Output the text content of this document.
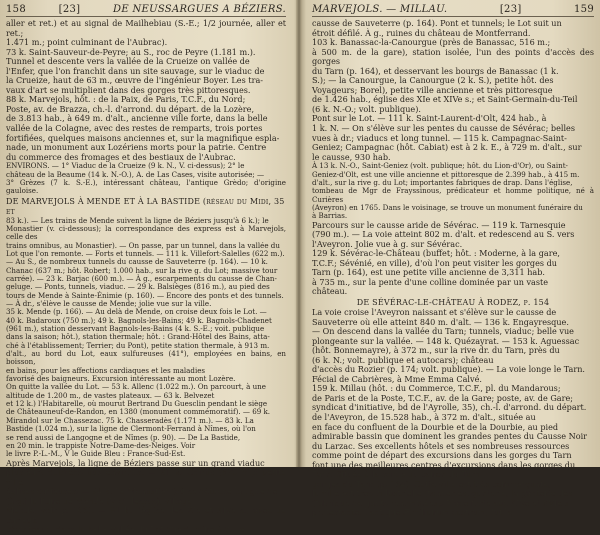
158	[23]	DE NEUSSARGUES A BÉZIERS.
aller et ret.) et au signal de Mailhebiau (S.-E.; 1/2 journée, aller et ret.;
1.471 m.; point culminant de l'Aubrac).
73 k. Saint-Sauveur-de-Peyre; au S., roc de Peyre (1.181 m.).
Tunnel et descente vers la vallée de la Crueize on vallée de
l'Enfer, que l'on franchit dans un site sauvage, sur le viaduc de
la Crueize, haut de 63 m., œuvre de l'ingénieur Boyer. Les tra-
vaux d'art se multiplient dans des gorges très pittoresques.
88 k. Marvejols, hôt. : de la Paix, de Paris, T.C.F., du Nord;
Poste, av. de Brazza, ch.-l. d'arrond. du départ. de la Lozère,
de 3.813 hab., à 649 m. d'alt., ancienne ville forte, dans la belle
vallée de la Colagne, avec des restes de remparts, trois portes
fortifiées, quelques maisons anciennes et, sur la magnifique espla-
nade, un monument aux Lozériens morts pour la patrie. Centre
du commerce des fromages et des bestiaux de l'Aubrac.
ENVIRONS. — 1° Viaduc de la Crueize (9 k. N., V. ci-dessus); 2° le
château de la Beaume (14 k. N.-O.), A. de Las Cases, visite autorisée; —
3° Grèzes (7 k. S.-E.), intéressant château, l'antique Grèdo; d'origine gauloise.
DE MARVEJOLS À MENDE ET À LA BASTIDE (réseau du Midi, 35 et
83 k.). — Les trains de Mende suivent la ligne de Béziers jusqu'à 6 k.); le
Monastier (v. ci-dessous); la correspondance des express est à Marvejols, celle des
trains omnibus, au Monastier). — On passe, par un tunnel, dans la vallée du
Lot que l'on remonte. — Forts et tunnels. — 111 k. Villefort-Salelles (622 m.).
— Au S., de nombreux tunnels du causse de Sauveterre (p. 164). — 10 k.
Chanac (637 m.; hôt. Robert; 1.000 hab., sur la rive g. du Lot; massive tour
carrée). — 23 k. Barjac (600 m.). — À g., escarpements du causse de Chan-
geluge. — Ponts, tunnels, viaduc. — 29 k. Balsièges (816 m.), au pied des
tours de Mende à Sainte-Énimie (p. 160). — Encore des ponts et des tunnels.
— À dr., s'élève le causse de Mende; jolie vue sur la ville.
35 k. Mende (p. 166). — Au delà de Mende, on croise deux fois le Lot. —
40 k. Badaroux (750 m.); 49 k. Bagnols-les-Bains; 49 k. Bagnols-Chadenet
(961 m.), station desservant Bagnols-les-Bains (4 k. S.-E.; voit. publique
dans la saison; hôt.), station thermale; hôt. : Grand-Hôtel des Bains, atta-
ché à l'établissement; Terrier; du Pont), petite station thermale, à 913 m.
d'alt., au bord du Lot, eaux sulfureuses (41°), employées en bains, en boisson,
en bains, pour les affections cardiaques et les maladies
favorisé des baigneurs. Excursion intéressante au mont Lozère.
On quitte la vallée du Lot. — 53 k. Allenc (1.022 m.). On parcourt, à une
altitude de 1.200 m., de vastes plateaux. — 63 k. Belvezet
et 12 k.) l'Habitarelle, où mourut Bertrand Du Guesclin pendant le siège
de Châteauneuf-de-Randon, en 1380 (monument commémoratif). — 69 k.
Mirandol sur le Chassezac. 75 k. Chasseradès (1.171 m.). — 83 k. La
Bastide (1.024 m.), sur la ligne de Clermont-Ferrand à Nîmes, où l'on
se rend aussi de Langogne et de Nîmes (p. 90). — De La Bastide,
en 20 min. le trappiste Notre-Dame-des-Neiges. Voir
le livre P.-L.-M., V le Guide Bleu : France-Sud-Est.
Après Marvejols, la ligne de Béziers passe sur un grand viaduc
plusieurs dolmens aux environs. — 91 k. Chirac (630 m.); petite ville
églises curieuses. — 94 k. Le Monastier (où se détache la ligne de
(à g.) la ligne de Mende (V. ci-dessus), village
Mende, voir p. 166). — 91 k. l'église des XIe et XIVe s., avec de curieux
chapiteaux, dans la belle vallée du Lot que domine à g., le
MARVEJOLS. — MILLAU.	[23]	159
causse de Sauveterre (p. 164). Pont et tunnels; le Lot suit un
étroit défilé. À g., ruines du château de Montferrand.
103 k. Banassac-la-Canourgue (près de Banassac, 516 m.;
à 500 m. de la gare), station isolée, l'un des points d'accès des gorges
du Tarn (p. 164), et desservant les bourgs de Banassac (1 k.
S.); — la Canourgue, la Canourgue (2 k. S.), petite hôt. des
Voyageurs; Borel), petite ville ancienne et très pittoresque
de 1.426 hab., église des XIe et XIVe s.; et Saint-Germain-du-Teil
(6 k. N.-O.; volt. publique).
Pont sur le Lot. — 111 k. Saint-Laurent-d'Olt, 424 hab., à
1 k. N. — On s'élève sur les pentes du causse de Sévérac; belles
vues à dr.; viaducs et long tunnel. — 115 k. Campagnac-Saint-
Geniez; Campagnac (hôt. Cabiat) est à 2 k. E., à 729 m. d'alt., sur
le causse, 930 hab.
À 13 k. N.-O., Saint-Geniez (volt. publique; hôt. du Lion-d'Or), ou Saint-
Geniez-d'Olt, est une ville ancienne et pittoresque de 2.399 hab., à 415 m.
d'alt., sur la rive g. du Lot; importantes fabriques de drap. Dans l'église,
tombeau de Mgr de Frayssinous, prédicateur et homme politique, né à Curières
(Aveyron) en 1765. Dans le voisinage, se trouve un monument funéraire du
à Barrias.
Parcours sur le causse aride de Sévérac. — 119 k. Tarnesquie
(790 m.). — La voie atteint 802 m. d'alt. et redescend au S. vers
l'Aveyron. Jolie vue à g. sur Sévérac.
129 k. Sévérac-le-Château (buffet; hôt. : Moderne, à la gare,
T.C.F.; Sévénié, en ville), d'où l'on peut visiter les gorges du
Tarn (p. 164), est une petite ville ancienne de 3,311 hab.
à 735 m., sur la pente d'une colline dominée par un vaste
château.
DE SÉVÉRAC-LE-CHÂTEAU À RODEZ, p. 154
La voie croise l'Aveyron naissant et s'élève sur le causse de
Sauveterre où elle atteint 840 m. d'alt. — 136 k. Engayresque.
— On descend dans la vallée du Tarn; tunnels, viaduc; belle vue
plongeante sur la vallée. — 148 k. Quézayrat. — 153 k. Aguessac
(hôt. Bonnemayre), à 372 m., sur la rive dr. du Tarn, près du
(6 k. N.; volt. publique et autocars); château
d'accès du Rozier (p. 174; volt. publique). — La voie longe le Tarn.
Fécial de Cabrières, à Mme Emma Calvé.
159 k. Millau (hôt. : du Commerce, T.C.F., pl. du Mandarous;
de Paris et de la Poste, T.C.F., av. de la Gare; poste, av. de Gare;
syndicat d'initiative, bd de l'Ayrolle, 35), ch.-l. d'arrond. du départ.
de l'Aveyron, de 15.528 hab., à 372 m. d'alt., située au
en face du confluent de la Dourbie et de la Dourbie, au pied
admirable bassin que dominent les grandes pentes du Causse Noir
du Larzac. Ses excellents hôtels et ses nombreuses ressources
comme point de départ des excursions dans les gorges du Tarn
font une des meilleures centres d'excursions dans les gorges du
Tarn. Située à la sortie du canon du Tarn
gorges du Tarn (p. 164). Cette ville est très commerçante,
la ville est très industrielle (tanneries, ganterie, la ganterie des
(fabrique de gants renommées). Place forte aux XIVe et XVIe s.
protestante, l'antique Æmilianum castrum, fut la
